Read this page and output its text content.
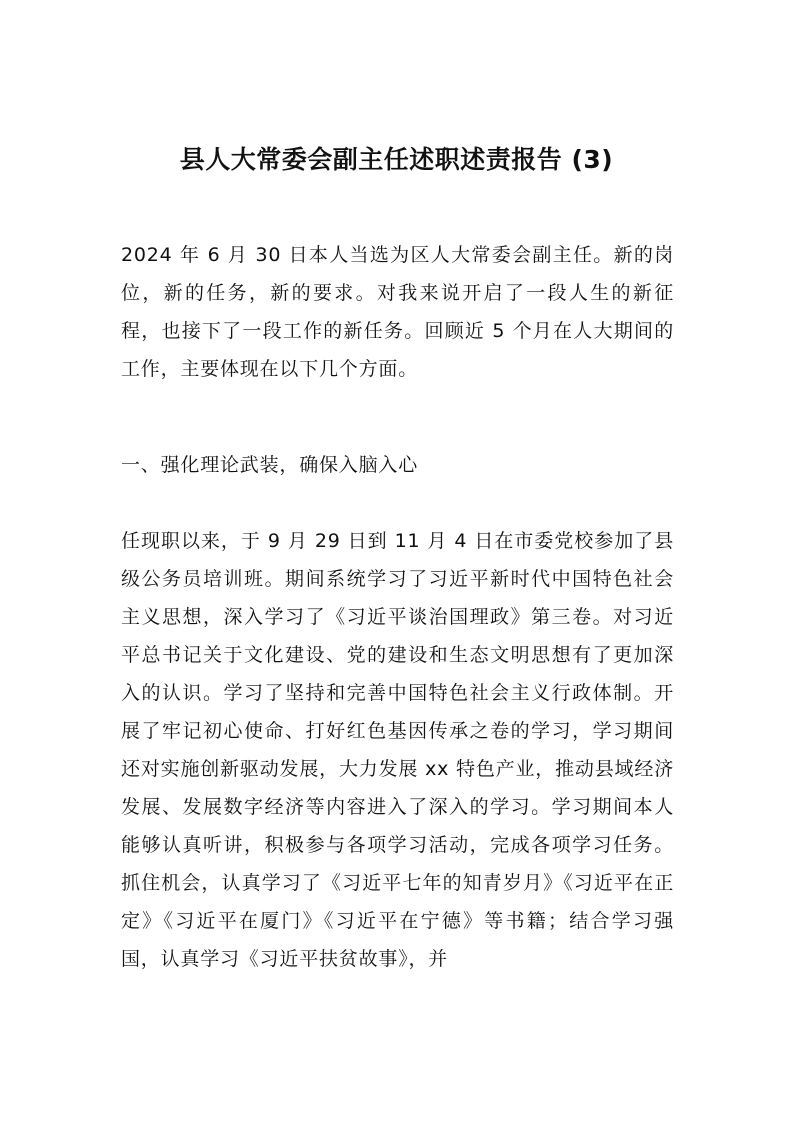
县人大常委会副主任述职述责报告 (3)

2024 年 6 月 30 日本人当选为区人大常委会副主任。新的岗位，新的任务，新的要求。对我来说开启了一段人生的新征程，也接下了一段工作的新任务。回顾近 5 个月在人大期间的工作，主要体现在以下几个方面。

一、强化理论武装，确保入脑入心

任现职以来，于 9 月 29 日到 11 月 4 日在市委党校参加了县级公务员培训班。期间系统学习了习近平新时代中国特色社会主义思想，深入学习了《习近平谈治国理政》第三卷。对习近平总书记关于文化建设、党的建设和生态文明思想有了更加深入的认识。学习了坚持和完善中国特色社会主义行政体制。开展了牢记初心使命、打好红色基因传承之卷的学习，学习期间还对实施创新驱动发展，大力发展 xx 特色产业，推动县域经济发展、发展数字经济等内容进入了深入的学习。学习期间本人能够认真听讲，积极参与各项学习活动，完成各项学习任务。抓住机会，认真学习了《习近平七年的知青岁月》《习近平在正定》《习近平在厦门》《习近平在宁德》等书籍；结合学习强国，认真学习《习近平扶贫故事》，并
